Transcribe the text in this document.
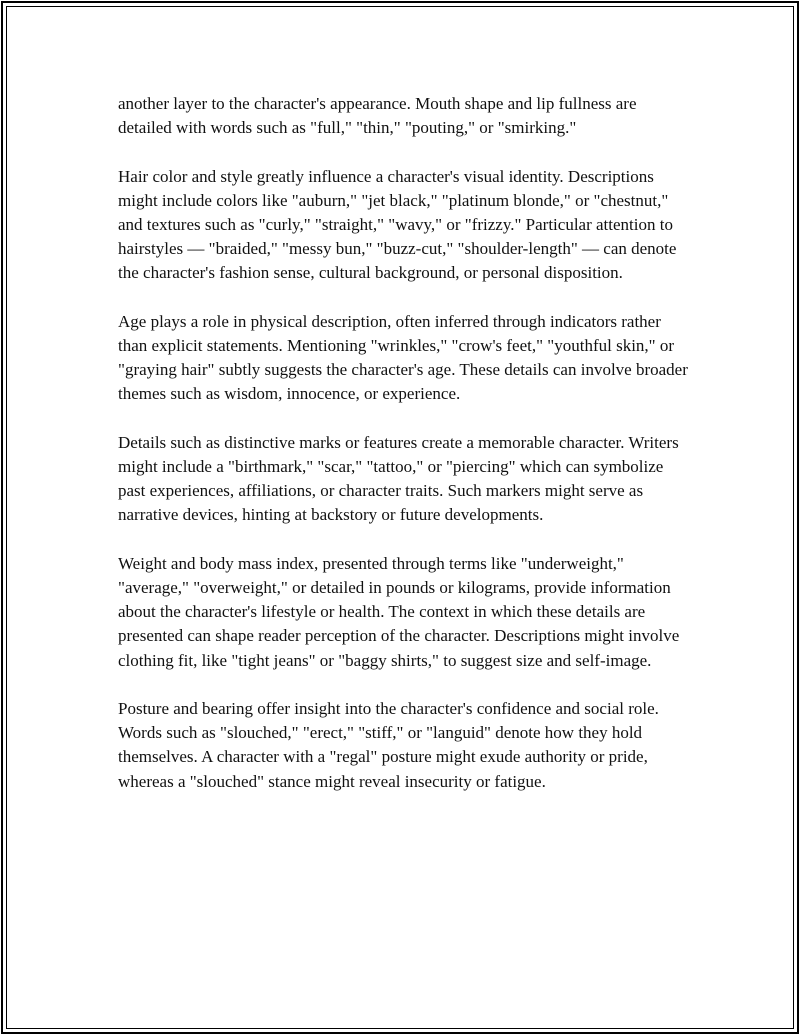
another layer to the character's appearance. Mouth shape and lip fullness are detailed with words such as "full," "thin," "pouting," or "smirking."

Hair color and style greatly influence a character's visual identity. Descriptions might include colors like "auburn," "jet black," "platinum blonde," or "chestnut," and textures such as "curly," "straight," "wavy," or "frizzy." Particular attention to hairstyles — "braided," "messy bun," "buzz-cut," "shoulder-length" — can denote the character's fashion sense, cultural background, or personal disposition.

Age plays a role in physical description, often inferred through indicators rather than explicit statements. Mentioning "wrinkles," "crow's feet," "youthful skin," or "graying hair" subtly suggests the character's age. These details can involve broader themes such as wisdom, innocence, or experience.

Details such as distinctive marks or features create a memorable character. Writers might include a "birthmark," "scar," "tattoo," or "piercing" which can symbolize past experiences, affiliations, or character traits. Such markers might serve as narrative devices, hinting at backstory or future developments.

Weight and body mass index, presented through terms like "underweight," "average," "overweight," or detailed in pounds or kilograms, provide information about the character's lifestyle or health. The context in which these details are presented can shape reader perception of the character. Descriptions might involve clothing fit, like "tight jeans" or "baggy shirts," to suggest size and self-image.

Posture and bearing offer insight into the character's confidence and social role. Words such as "slouched," "erect," "stiff," or "languid" denote how they hold themselves. A character with a "regal" posture might exude authority or pride, whereas a "slouched" stance might reveal insecurity or fatigue.
